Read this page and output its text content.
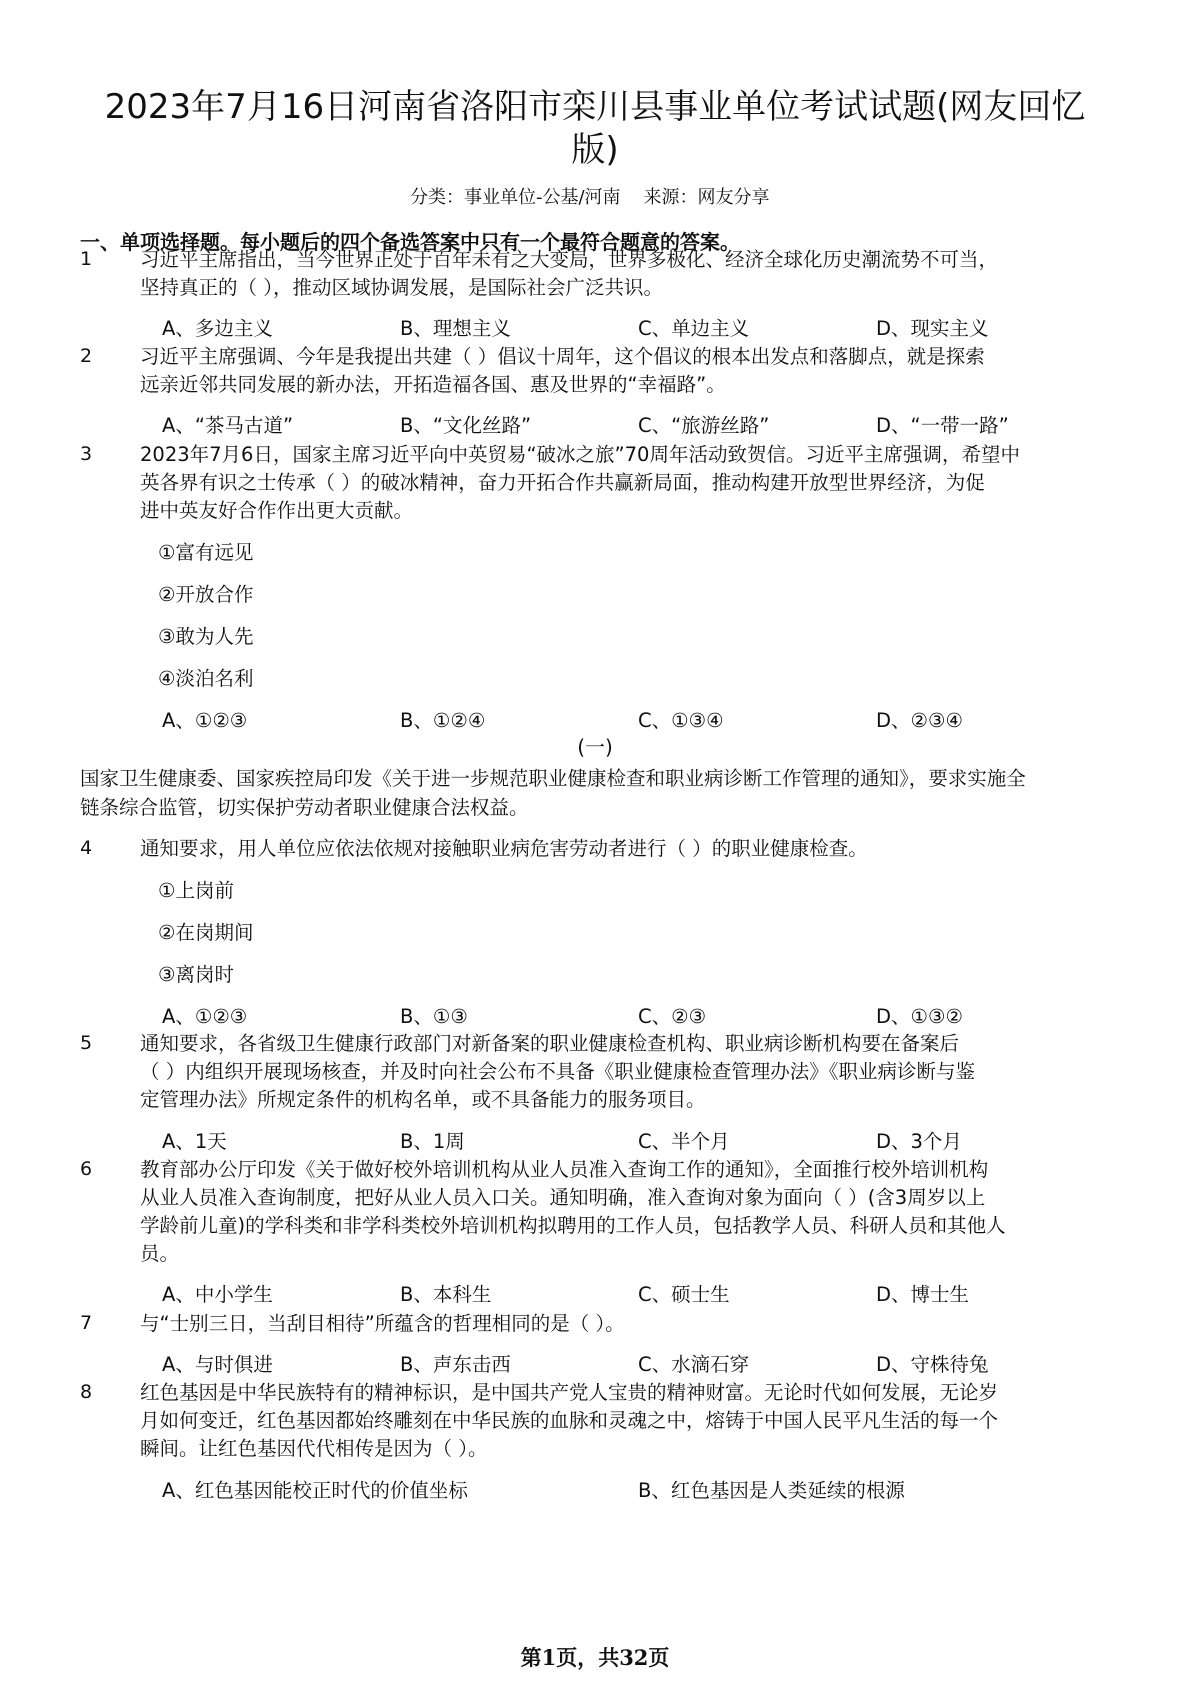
2023年7月16日河南省洛阳市栾川县事业单位考试试题(网友回忆
版)
分类：事业单位-公基/河南    来源：网友分享
一、单项选择题。每小题后的四个备选答案中只有一个最符合题意的答案。
1 习近平主席指出，当今世界正处于百年未有之大变局，世界多极化、经济全球化历史潮流势不可当，
坚持真正的（ ），推动区域协调发展，是国际社会广泛共识。
A、多边主义	B、理想主义	C、单边主义	D、现实主义
2 习近平主席强调、今年是我提出共建（ ）倡议十周年，这个倡议的根本出发点和落脚点，就是探索
远亲近邻共同发展的新办法，开拓造福各国、惠及世界的“幸福路”。
A、“茶马古道”	B、“文化丝路”	C、“旅游丝路”	D、“一带一路”
3 2023年7月6日，国家主席习近平向中英贸易“破冰之旅”70周年活动致贺信。习近平主席强调，希望中
英各界有识之士传承（ ）的破冰精神，奋力开拓合作共赢新局面，推动构建开放型世界经济，为促
进中英友好合作作出更大贡献。
①富有远见
②开放合作
③敢为人先
④淡泊名利
A、①②③	B、①②④	C、①③④	D、②③④
(一)
国家卫生健康委、国家疾控局印发《关于进一步规范职业健康检查和职业病诊断工作管理的通知》，要求实施全
链条综合监管，切实保护劳动者职业健康合法权益。
4 通知要求，用人单位应依法依规对接触职业病危害劳动者进行（ ）的职业健康检查。
①上岗前
②在岗期间
③离岗时
A、①②③	B、①③	C、②③	D、①③②
5 通知要求，各省级卫生健康行政部门对新备案的职业健康检查机构、职业病诊断机构要在备案后
（ ）内组织开展现场核查，并及时向社会公布不具备《职业健康检查管理办法》《职业病诊断与鉴
定管理办法》所规定条件的机构名单，或不具备能力的服务项目。
A、1天	B、1周	C、半个月	D、3个月
6 教育部办公厅印发《关于做好校外培训机构从业人员准入查询工作的通知》，全面推行校外培训机构
从业人员准入查询制度，把好从业人员入口关。通知明确，准入查询对象为面向（ ）(含3周岁以上
学龄前儿童)的学科类和非学科类校外培训机构拟聘用的工作人员，包括教学人员、科研人员和其他人
员。
A、中小学生	B、本科生	C、硕士生	D、博士生
7 与“士别三日，当刮目相待”所蕴含的哲理相同的是（ ）。
A、与时俱进	B、声东击西	C、水滴石穿	D、守株待兔
8 红色基因是中华民族特有的精神标识，是中国共产党人宝贵的精神财富。无论时代如何发展，无论岁
月如何变迁，红色基因都始终雕刻在中华民族的血脉和灵魂之中，熔铸于中国人民平凡生活的每一个
瞬间。让红色基因代代相传是因为（ ）。
A、红色基因能校正时代的价值坐标	B、红色基因是人类延续的根源
第1页，共32页
